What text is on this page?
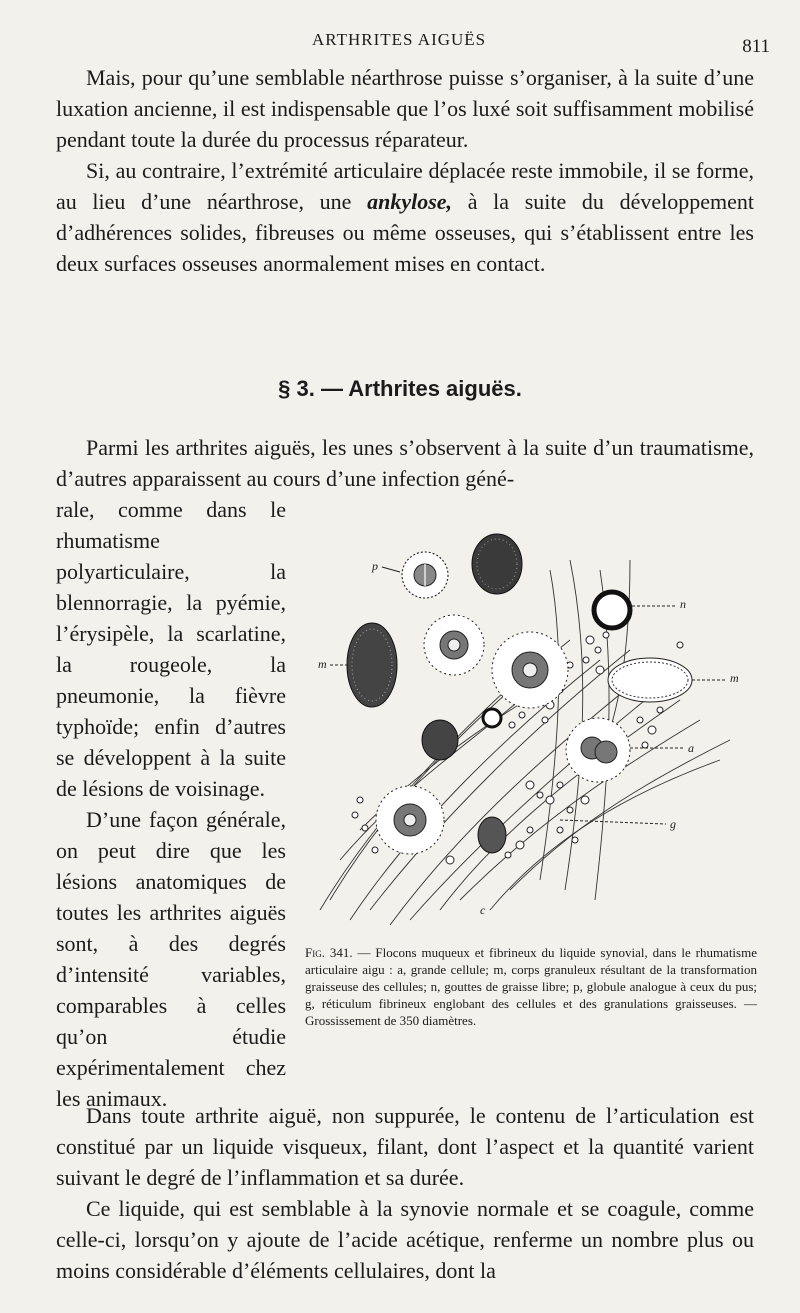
ARTHRITES AIGUËS	811

Mais, pour qu’une semblable néarthrose puisse s’organiser, à la suite d’une luxation ancienne, il est indispensable que l’os luxé soit suffisamment mobilisé pendant toute la durée du processus réparateur.

Si, au contraire, l’extrémité articulaire déplacée reste immobile, il se forme, au lieu d’une néarthrose, une ankylose, à la suite du développement d’adhérences solides, fibreuses ou même osseuses, qui s’établissent entre les deux surfaces osseuses anormalement mises en contact.

§ 3. — Arthrites aiguës.

Parmi les arthrites aiguës, les unes s’observent à la suite d’un traumatisme, d’autres apparaissent au cours d’une infection géné-

rale, comme dans le rhumatisme polyarticulaire, la blennorragie, la pyémie, l’érysipèle, la scarlatine, la rougeole, la pneumonie, la fièvre typhoïde; enfin d’autres se développent à la suite de lésions de voisinage.

D’une façon générale, on peut dire que les lésions anatomiques de toutes les arthrites aiguës sont, à des degrés d’intensité variables, comparables à celles qu’on étudie expérimentalement chez les animaux.

p
n
m
m
a
g
c
Fig. 341. — Flocons muqueux et fibrineux du liquide synovial, dans le rhumatisme articulaire aigu : a, grande cellule; m, corps granuleux résultant de la transformation graisseuse des cellules; n, gouttes de graisse libre; p, globule analogue à ceux du pus; g, réticulum fibrineux englobant des cellules et des granulations graisseuses. — Grossissement de 350 diamètres.

Dans toute arthrite aiguë, non suppurée, le contenu de l’articulation est constitué par un liquide visqueux, filant, dont l’aspect et la quantité varient suivant le degré de l’inflammation et sa durée.

Ce liquide, qui est semblable à la synovie normale et se coagule, comme celle-ci, lorsqu’on y ajoute de l’acide acétique, renferme un nombre plus ou moins considérable d’éléments cellulaires, dont la
